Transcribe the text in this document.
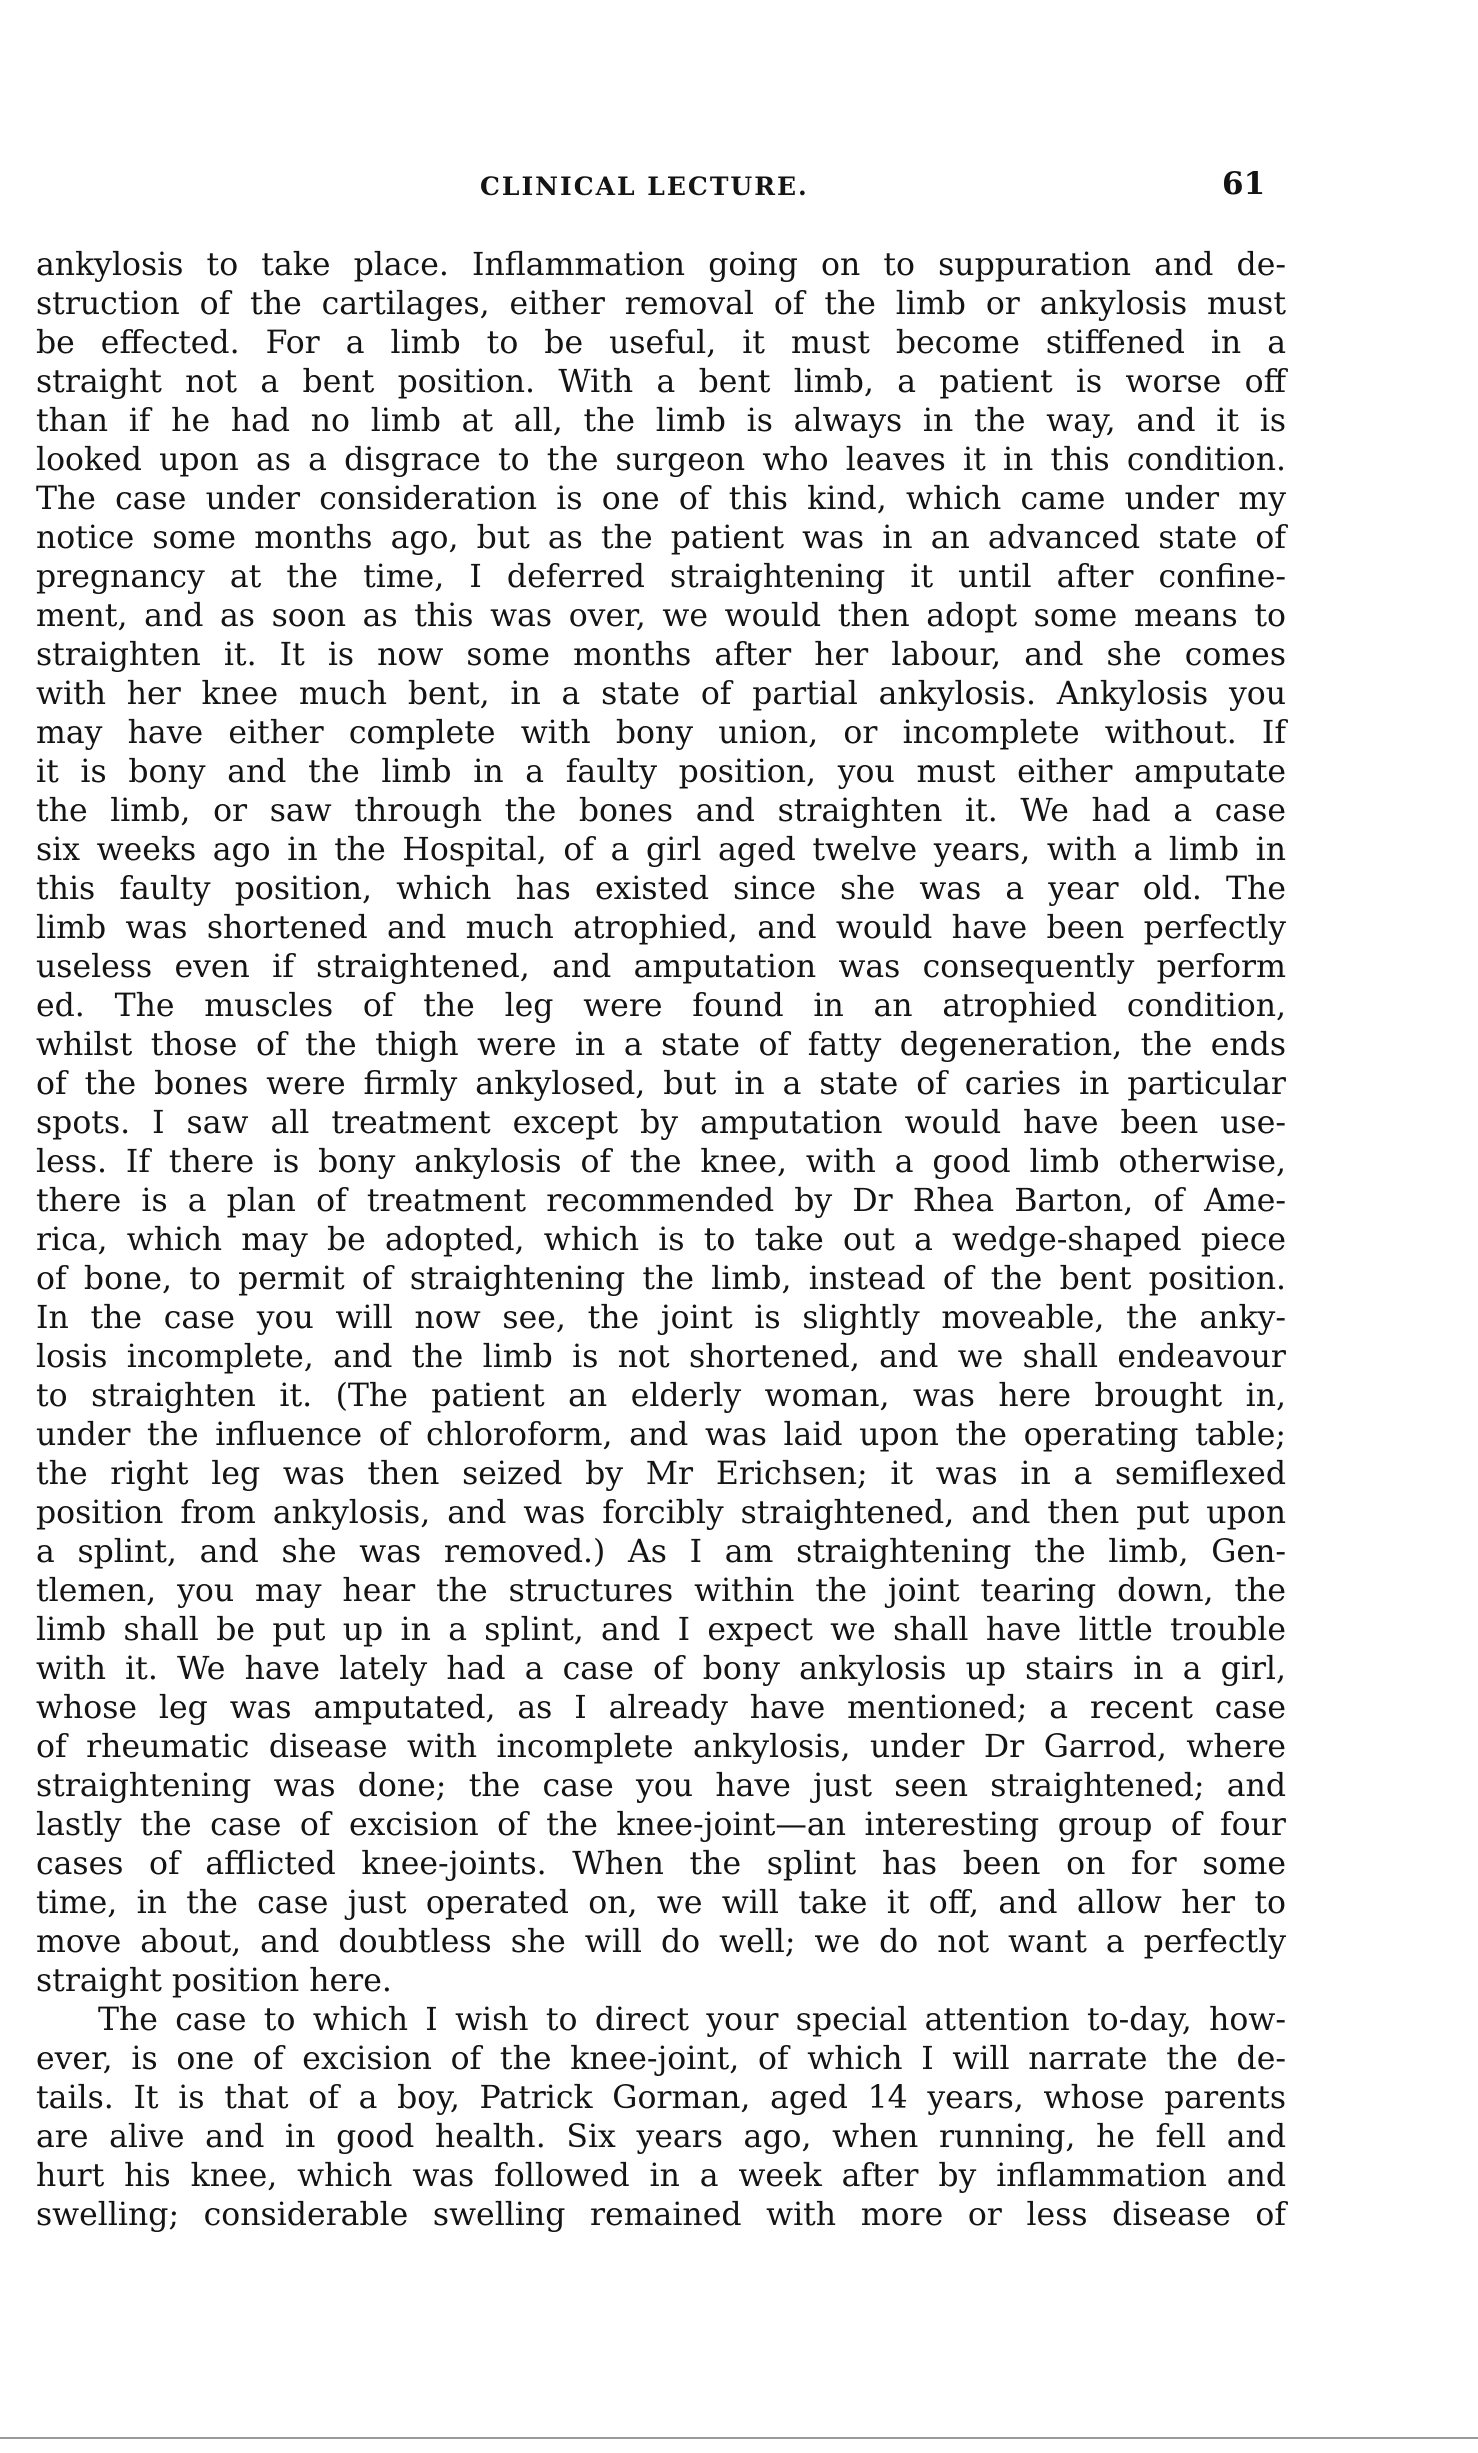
CLINICAL LECTURE.	61
ankylosis to take place. Inflammation going on to suppuration and de-
struction of the cartilages, either removal of the limb or ankylosis must
be effected. For a limb to be useful, it must become stiffened in a
straight not a bent position. With a bent limb, a patient is worse off
than if he had no limb at all, the limb is always in the way, and it is
looked upon as a disgrace to the surgeon who leaves it in this condition.
The case under consideration is one of this kind, which came under my
notice some months ago, but as the patient was in an advanced state of
pregnancy at the time, I deferred straightening it until after confine-
ment, and as soon as this was over, we would then adopt some means to
straighten it. It is now some months after her labour, and she comes
with her knee much bent, in a state of partial ankylosis. Ankylosis you
may have either complete with bony union, or incomplete without. If
it is bony and the limb in a faulty position, you must either amputate
the limb, or saw through the bones and straighten it. We had a case
six weeks ago in the Hospital, of a girl aged twelve years, with a limb in
this faulty position, which has existed since she was a year old. The
limb was shortened and much atrophied, and would have been perfectly
useless even if straightened, and amputation was consequently perform
ed. The muscles of the leg were found in an atrophied condition,
whilst those of the thigh were in a state of fatty degeneration, the ends
of the bones were firmly ankylosed, but in a state of caries in particular
spots. I saw all treatment except by amputation would have been use-
less. If there is bony ankylosis of the knee, with a good limb otherwise,
there is a plan of treatment recommended by Dr Rhea Barton, of Ame-
rica, which may be adopted, which is to take out a wedge-shaped piece
of bone, to permit of straightening the limb, instead of the bent position.
In the case you will now see, the joint is slightly moveable, the anky-
losis incomplete, and the limb is not shortened, and we shall endeavour
to straighten it. (The patient an elderly woman, was here brought in,
under the influence of chloroform, and was laid upon the operating table;
the right leg was then seized by Mr Erichsen; it was in a semiflexed
position from ankylosis, and was forcibly straightened, and then put upon
a splint, and she was removed.) As I am straightening the limb, Gen-
tlemen, you may hear the structures within the joint tearing down, the
limb shall be put up in a splint, and I expect we shall have little trouble
with it. We have lately had a case of bony ankylosis up stairs in a girl,
whose leg was amputated, as I already have mentioned; a recent case
of rheumatic disease with incomplete ankylosis, under Dr Garrod, where
straightening was done; the case you have just seen straightened; and
lastly the case of excision of the knee-joint—an interesting group of four
cases of afflicted knee-joints. When the splint has been on for some
time, in the case just operated on, we will take it off, and allow her to
move about, and doubtless she will do well; we do not want a perfectly
straight position here.
The case to which I wish to direct your special attention to-day, how-
ever, is one of excision of the knee-joint, of which I will narrate the de-
tails. It is that of a boy, Patrick Gorman, aged 14 years, whose parents
are alive and in good health. Six years ago, when running, he fell and
hurt his knee, which was followed in a week after by inflammation and
swelling; considerable swelling remained with more or less disease of
